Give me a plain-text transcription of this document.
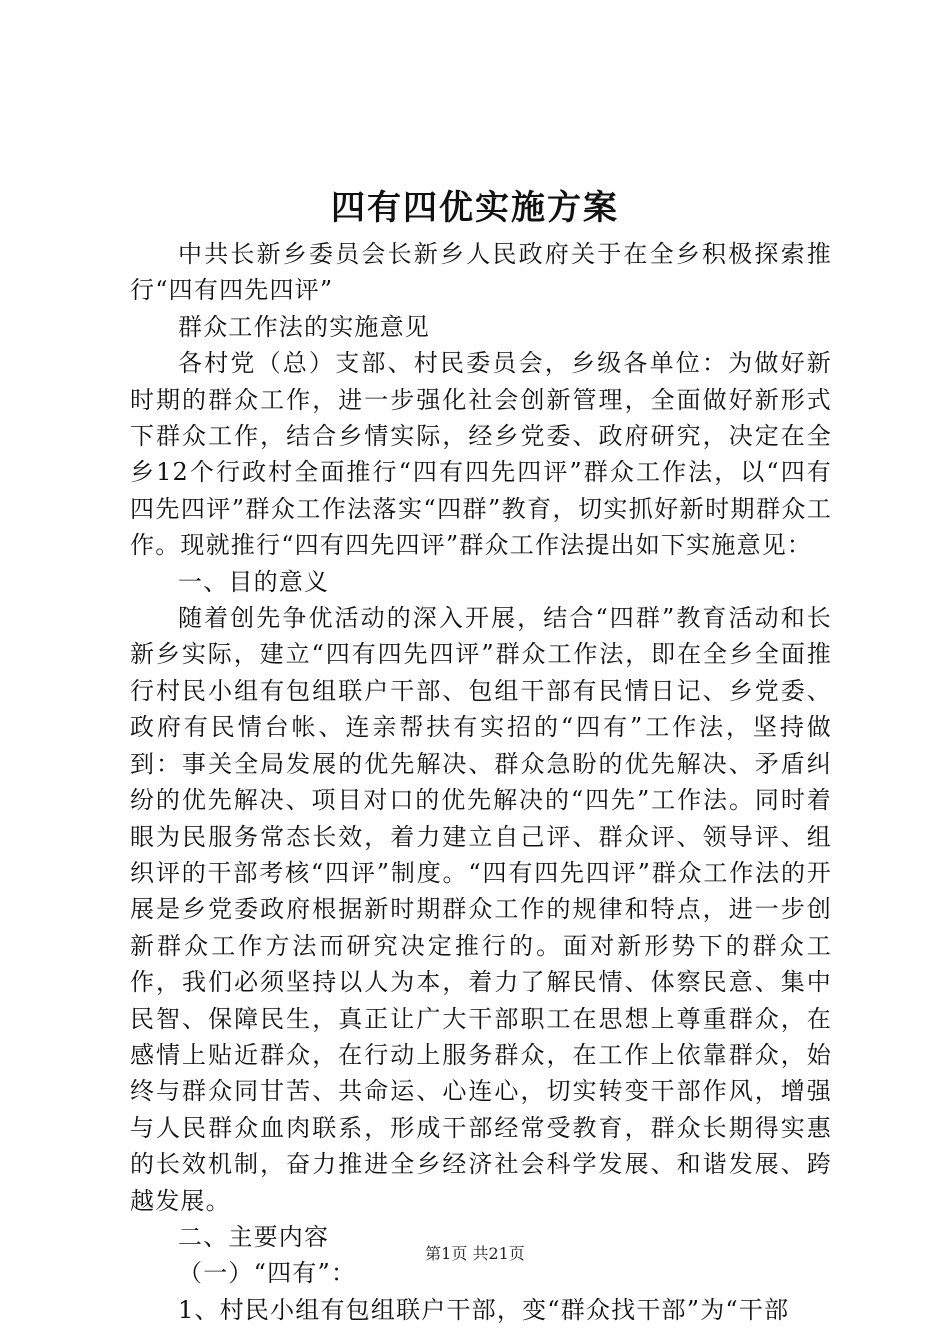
四有四优实施方案

中共长新乡委员会长新乡人民政府关于在全乡积极探索推行“四有四先四评”

群众工作法的实施意见

各村党（总）支部、村民委员会，乡级各单位：为做好新时期的群众工作，进一步强化社会创新管理，全面做好新形式下群众工作，结合乡情实际，经乡党委、政府研究，决定在全乡12个行政村全面推行“四有四先四评”群众工作法，以“四有四先四评”群众工作法落实“四群”教育，切实抓好新时期群众工作。现就推行“四有四先四评”群众工作法提出如下实施意见：

一、目的意义

随着创先争优活动的深入开展，结合“四群”教育活动和长新乡实际，建立“四有四先四评”群众工作法，即在全乡全面推行村民小组有包组联户干部、包组干部有民情日记、乡党委、政府有民情台帐、连亲帮扶有实招的“四有”工作法，坚持做到：事关全局发展的优先解决、群众急盼的优先解决、矛盾纠纷的优先解决、项目对口的优先解决的“四先”工作法。同时着眼为民服务常态长效，着力建立自己评、群众评、领导评、组织评的干部考核“四评”制度。“四有四先四评”群众工作法的开展是乡党委政府根据新时期群众工作的规律和特点，进一步创新群众工作方法而研究决定推行的。面对新形势下的群众工作，我们必须坚持以人为本，着力了解民情、体察民意、集中民智、保障民生，真正让广大干部职工在思想上尊重群众，在感情上贴近群众，在行动上服务群众，在工作上依靠群众，始终与群众同甘苦、共命运、心连心，切实转变干部作风，增强与人民群众血肉联系，形成干部经常受教育，群众长期得实惠的长效机制，奋力推进全乡经济社会科学发展、和谐发展、跨越发展。

二、主要内容

（一）“四有”：

1、村民小组有包组联户干部，变“群众找干部”为“干部

第1页 共21页
